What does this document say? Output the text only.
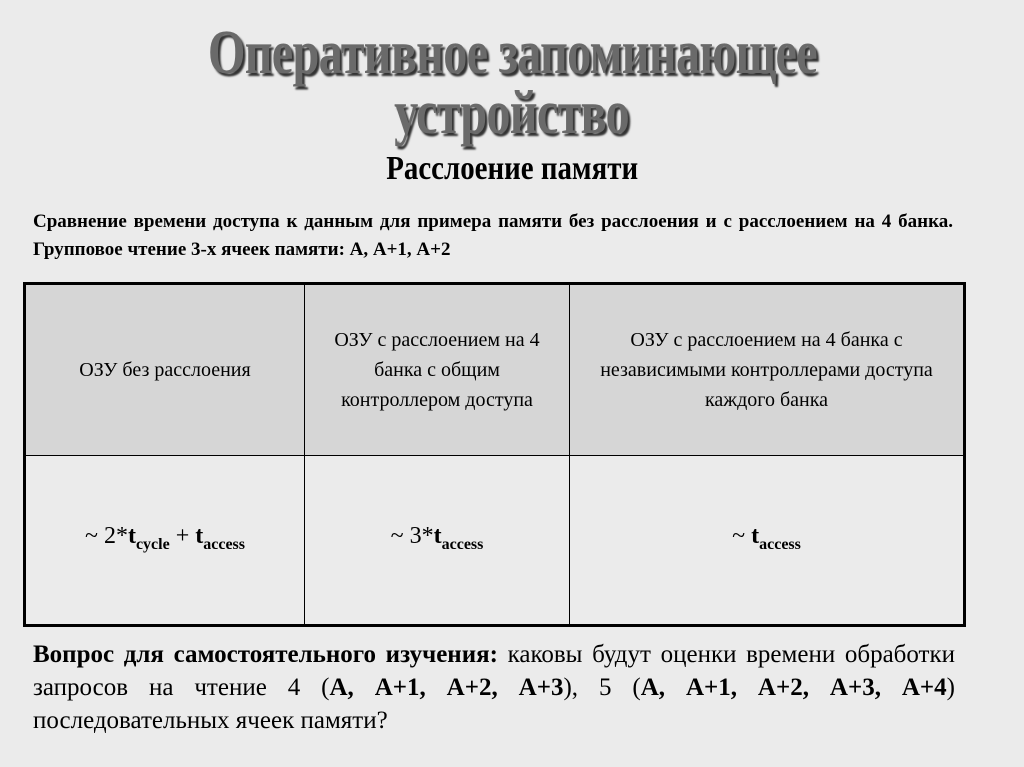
Оперативное запоминающее
устройство
Расслоение памяти
Сравнение времени доступа к данным для примера памяти без расслоения и с расслоением на 4 банка. Групповое чтение 3-х ячеек памяти: А, А+1, А+2
ОЗУ без расслоения	ОЗУ с расслоением на 4 банка с общим контроллером доступа	ОЗУ с расслоением на 4 банка с независимыми контроллерами доступа каждого банка
~ $2*t_{cycle} + t_{access}$	~ $3*t_{access}$	~ $t_{access}$
Вопрос для самостоятельного изучения: каковы будут оценки времени обработки запросов на чтение 4 (А, А+1, А+2, А+3), 5 (А, А+1, А+2, А+3, А+4) последовательных ячеек памяти?
